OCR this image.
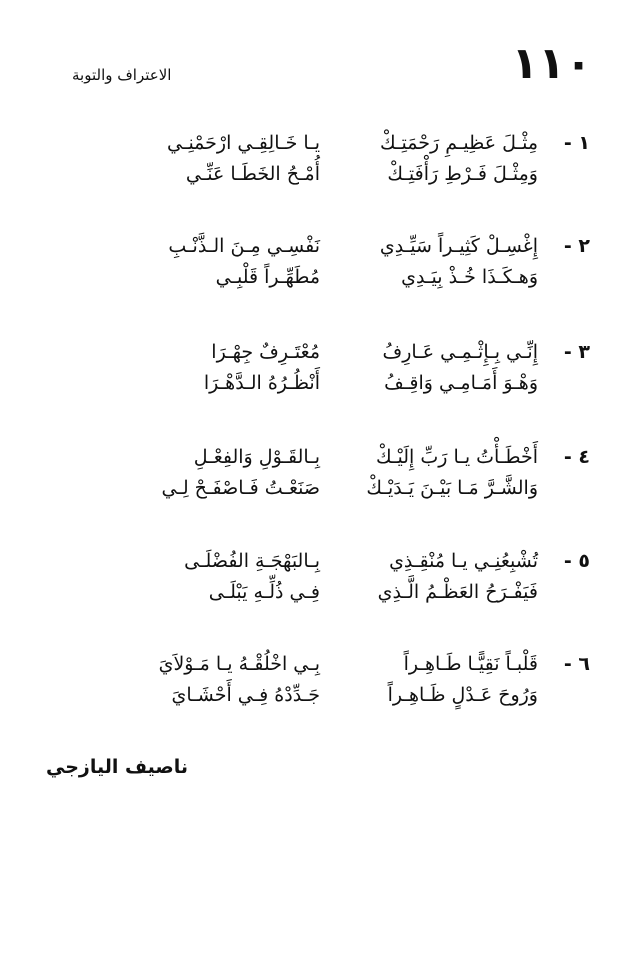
١١٠
الاعتراف والتوبة
١ -
مِثْـلَ عَظِيـمِ رَحْمَتِـكْ
يـا خَـالِقِـي ارْحَمْنِـي
وَمِثْـلَ فَـرْطِ رَأْفَتِـكْ
أُمْـحُ الخَطَـا عَنِّـي
٢ -
إِغْسِـلْ كَثِيـراً سَيِّـدِي
نَفْسِـي مِـنَ الـذَّنْـبِ
وَهـكَـذَا خُـذْ بِيَـدِي
مُطَهِّـراً قَلْبِـي
٣ -
إِنِّـي بِـإِثْـمِـي عَـارِفُ
مُعْتَـرِفٌ جِهْـرَا
وَهْـوَ أَمَـامِـي وَاقِـفُ
أَنْظُـرُهُ الـدَّهْـرَا
٤ -
أَخْطَـأْتُ يـا رَبِّ إِلَيْـكْ
بِـالقَـوْلِ وَالفِعْـلِ
وَالشَّـرَّ مَـا بَيْـنَ يَـدَيْـكْ
صَنَعْـتُ فَـاصْفَـحْ لِـي
٥ -
تُشْبِعُنِـي يـا مُنْقِـذِي
بِـالبَهْجَـةِ الفُضْلَـى
فَيَفْـرَحُ العَظْـمُ الَّـذِي
فِـي ذُلِّـهِ يَبْلَـى
٦ -
قَلْبـاً نَقِيًّـا طَـاهِـراً
بِـي اخْلُقْـهُ يـا مَـوْلاَيَ
وَرُوحَ عَـدْلٍ ظَـاهِـراً
جَـدِّدْهُ فِـي أَحْشَـايَ
ناصيف اليازجي
